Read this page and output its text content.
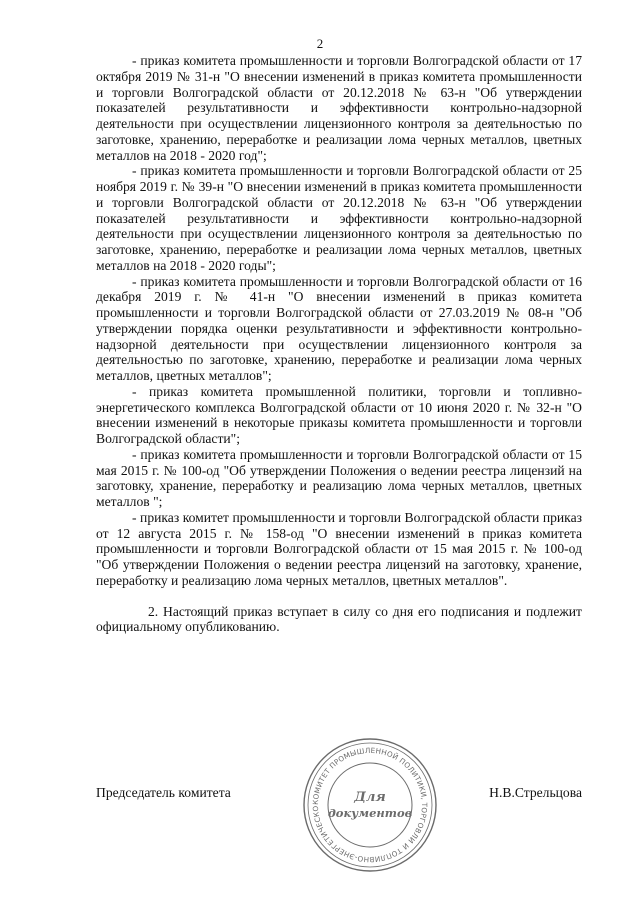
2

- приказ комитета промышленности и торговли Волгоградской области от 17 октября 2019 № 31-н "О внесении изменений в приказ комитета промышленности и торговли Волгоградской области от 20.12.2018 № 63-н "Об утверждении показателей результативности и эффективности контрольно-надзорной деятельности при осуществлении лицензионного контроля за деятельностью по заготовке, хранению, переработке и реализации лома черных металлов, цветных металлов на 2018 - 2020 год";

- приказ комитета промышленности и торговли Волгоградской области от 25 ноября 2019 г. № 39-н "О внесении изменений в приказ комитета промышленности и торговли Волгоградской области от 20.12.2018 № 63-н "Об утверждении показателей результативности и эффективности контрольно-надзорной деятельности при осуществлении лицензионного контроля за деятельностью по заготовке, хранению, переработке и реализации лома черных металлов, цветных металлов на 2018 - 2020 годы";

- приказ комитета промышленности и торговли Волгоградской области от 16 декабря 2019 г. № 41-н "О внесении изменений в приказ комитета промышленности и торговли Волгоградской области от 27.03.2019 № 08-н "Об утверждении порядка оценки результативности и эффективности контрольно-надзорной деятельности при осуществлении лицензионного контроля за деятельностью по заготовке, хранению, переработке и реализации лома черных металлов, цветных металлов";

- приказ комитета промышленной политики, торговли и топливно-энергетического комплекса Волгоградской области от 10 июня 2020 г. № 32-н "О внесении изменений в некоторые приказы комитета промышленности и торговли Волгоградской области";

- приказ комитета промышленности и торговли Волгоградской области от 15 мая 2015 г. № 100-од "Об утверждении Положения о ведении реестра лицензий на заготовку, хранение, переработку и реализацию лома черных металлов, цветных металлов ";

- приказ комитет промышленности и торговли Волгоградской области приказ от 12 августа 2015 г. № 158-од "О внесении изменений в приказ комитета промышленности и торговли Волгоградской области от 15 мая 2015 г. № 100-од "Об утверждении Положения о ведении реестра лицензий на заготовку, хранение, переработку и реализацию лома черных металлов, цветных металлов".

2. Настоящий приказ вступает в силу со дня его подписания и подлежит официальному опубликованию.

Председатель комитета	Н.В.Стрельцова
КОМИТЕТ ПРОМЫШЛЕННОЙ ПОЛИТИКИ, ТОРГОВЛИ И ТОПЛИВНО-ЭНЕРГЕТИЧЕСКО
Для
документов
